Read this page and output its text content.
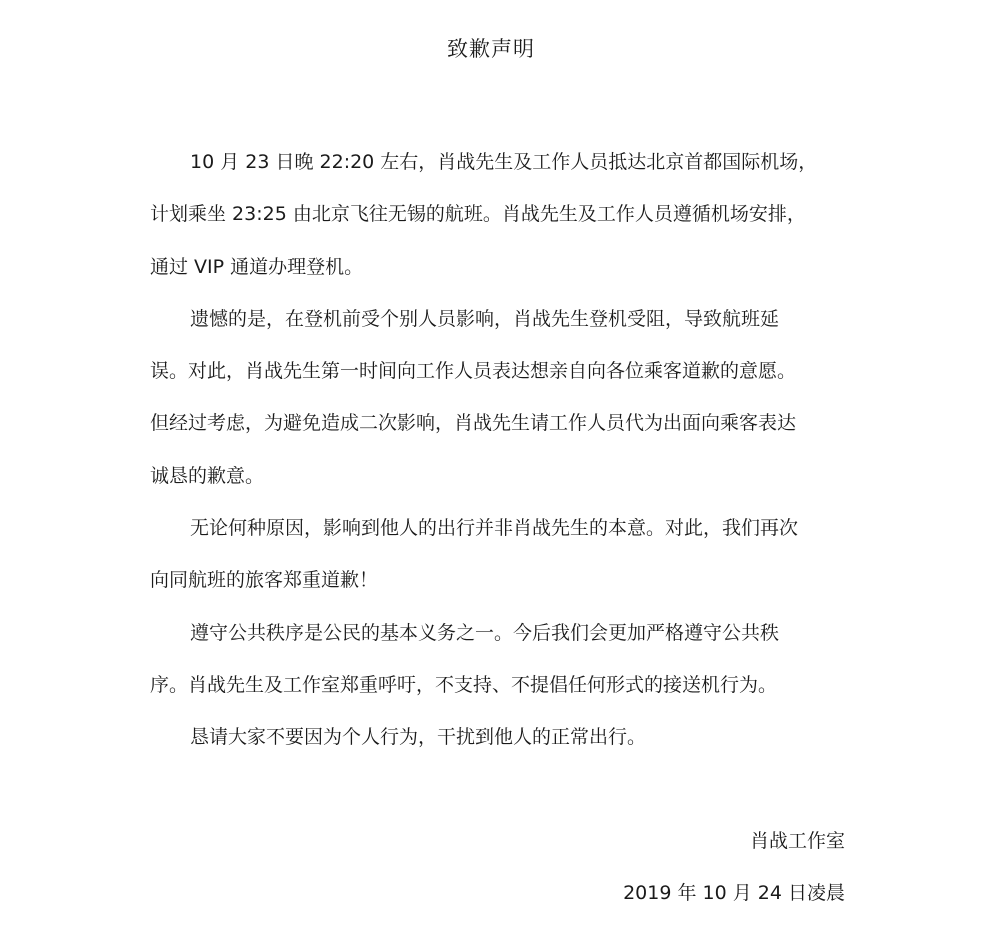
致歉声明
10 月 23 日晚 22:20 左右，肖战先生及工作人员抵达北京首都国际机场，
计划乘坐 23:25 由北京飞往无锡的航班。肖战先生及工作人员遵循机场安排，
通过 VIP 通道办理登机。
遗憾的是，在登机前受个别人员影响，肖战先生登机受阻，导致航班延
误。对此，肖战先生第一时间向工作人员表达想亲自向各位乘客道歉的意愿。
但经过考虑，为避免造成二次影响，肖战先生请工作人员代为出面向乘客表达
诚恳的歉意。
无论何种原因，影响到他人的出行并非肖战先生的本意。对此，我们再次
向同航班的旅客郑重道歉！
遵守公共秩序是公民的基本义务之一。今后我们会更加严格遵守公共秩
序。肖战先生及工作室郑重呼吁，不支持、不提倡任何形式的接送机行为。
恳请大家不要因为个人行为，干扰到他人的正常出行。
肖战工作室
2019 年 10 月 24 日凌晨
